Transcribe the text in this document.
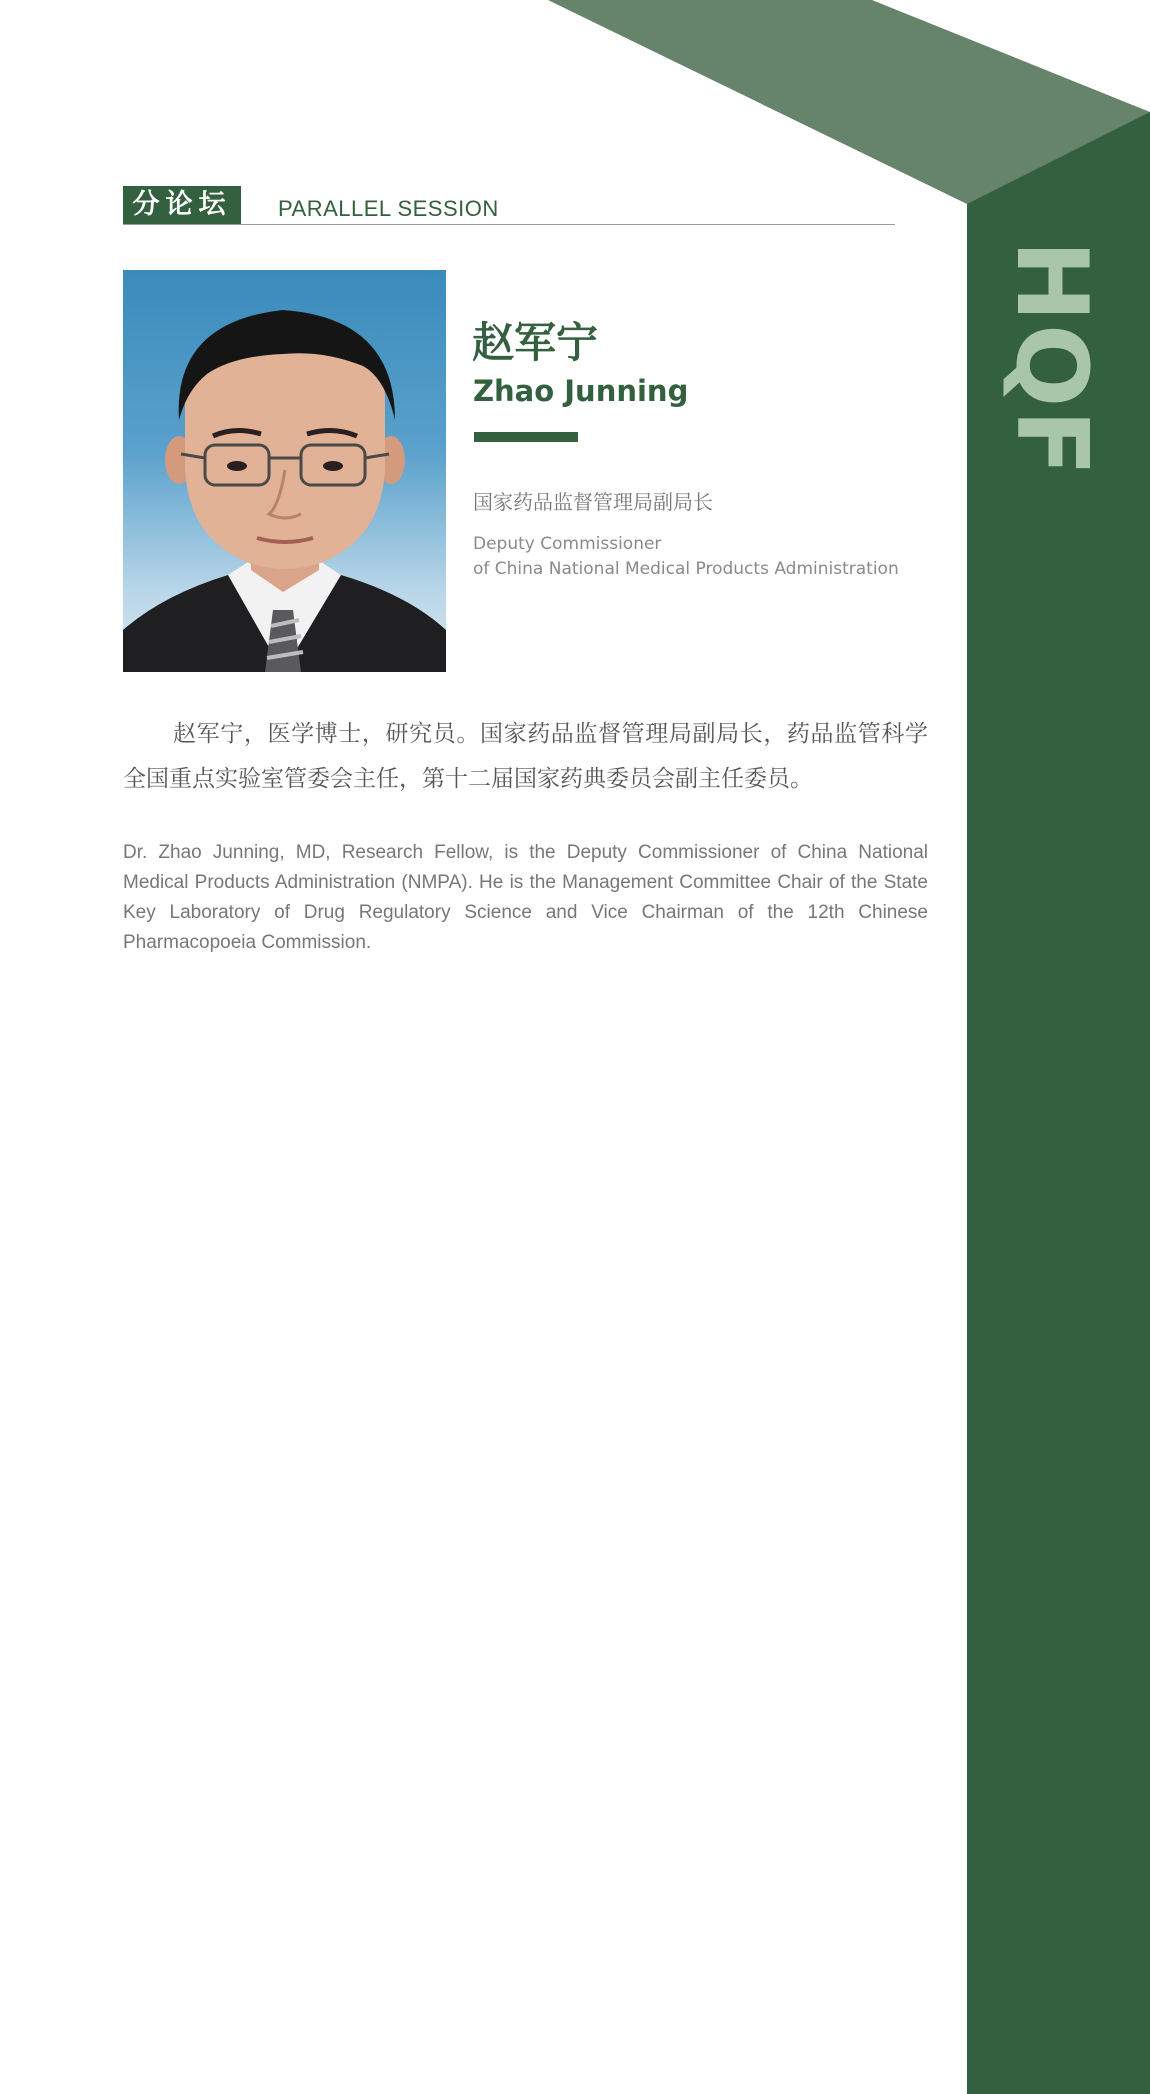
HQF
分论坛	PARALLEL SESSION
赵军宁
Zhao Junning
国家药品监督管理局副局长
Deputy Commissioner
of China National Medical Products Administration

赵军宁，医学博士，研究员。国家药品监督管理局副局长，药品监管科学全国重点实验室管委会主任，第十二届国家药典委员会副主任委员。

Dr. Zhao Junning, MD, Research Fellow, is the Deputy Commissioner of China National Medical Products Administration (NMPA). He is the Management Committee Chair of the State Key Laboratory of Drug Regulatory Science and Vice Chairman of the 12th Chinese Pharmacopoeia Commission.
